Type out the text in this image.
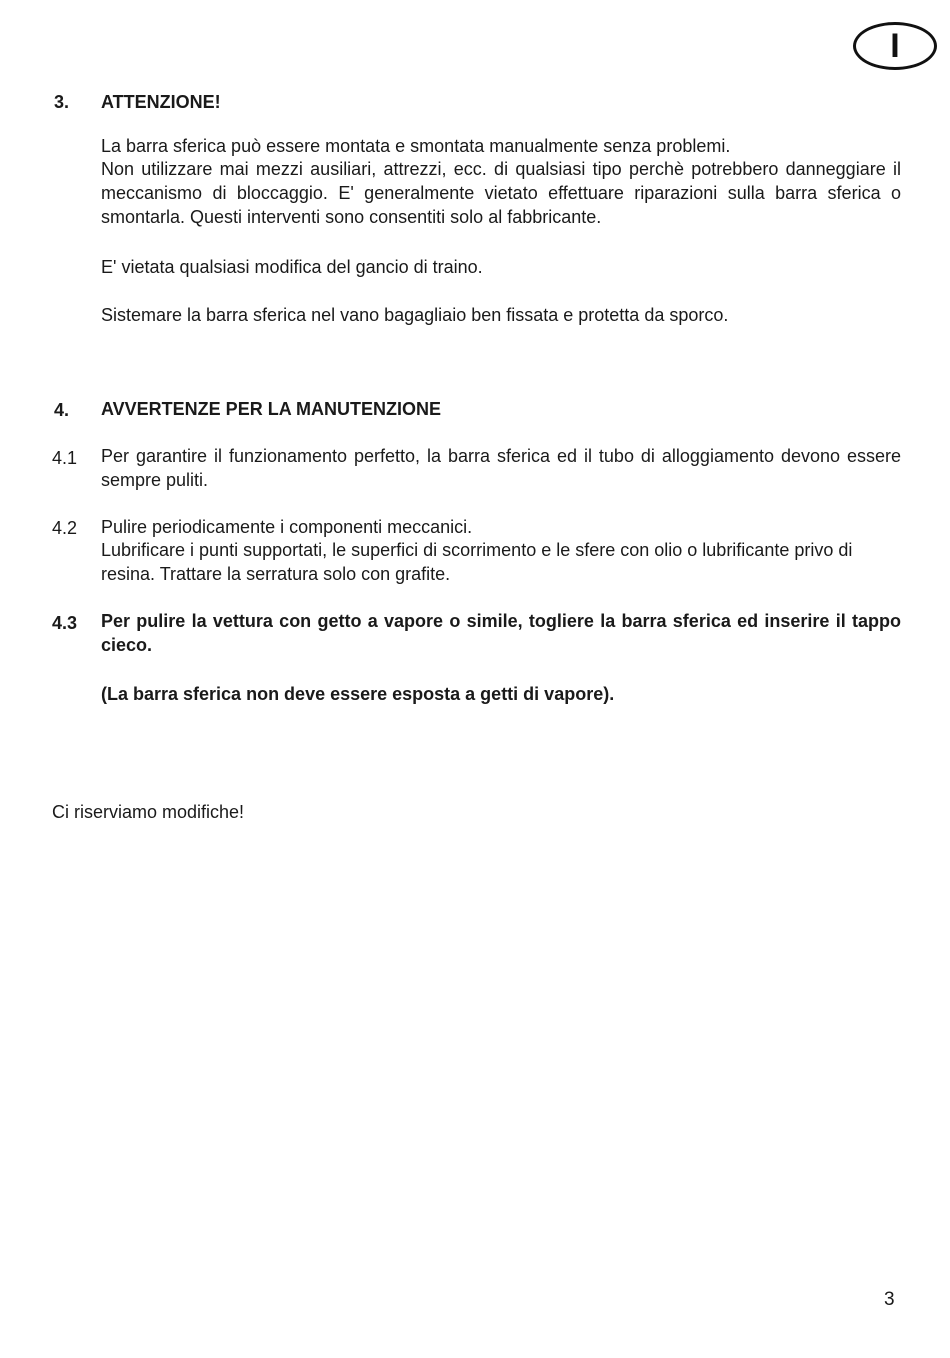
I
3. ATTENZIONE!
La barra sferica può essere montata e smontata manualmente senza problemi.
Non utilizzare mai mezzi ausiliari, attrezzi, ecc. di qualsiasi tipo perchè potrebbero danneggiare il meccanismo di bloccaggio. E' generalmente vietato effettuare riparazioni sulla barra sferica o smontarla. Questi interventi sono consentiti solo al fabbricante.
E' vietata qualsiasi modifica del gancio di traino.
Sistemare la barra sferica nel vano bagagliaio ben fissata e protetta da sporco.
4. AVVERTENZE PER LA MANUTENZIONE
4.1 Per garantire il funzionamento perfetto, la barra sferica ed il tubo di alloggiamento devono essere sempre puliti.
4.2 Pulire periodicamente i componenti meccanici.
Lubrificare i punti supportati, le superfici di scorrimento e le sfere con olio o lubrificante privo di resina. Trattare la serratura solo con grafite.
4.3 Per pulire la vettura con getto a vapore o simile, togliere la barra sferica ed inserire il tappo cieco.
(La barra sferica non deve essere esposta a getti di vapore).
Ci riserviamo modifiche!
3
